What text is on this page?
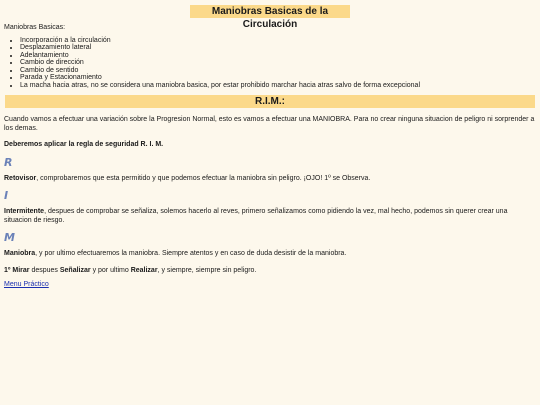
Maniobras Basicas de la Circulación

Maniobras Basicas:

• Incorporación a la circulación
• Desplazamiento lateral
• Adelantamiento
• Cambio de dirección
• Cambio de sentido
• Parada y Estacionamiento
• La macha hacia atras, no se considera una maniobra basica, por estar prohibido marchar hacia atras salvo de forma excepcional
R.I.M.:

Cuando vamos a efectuar una variación sobre la Progresion Normal, esto es vamos a efectuar una MANIOBRA. Para no crear ninguna situacion de peligro ni sorprender a los demas.

Deberemos aplicar la regla de seguridad R. I. M.

R

Retovisor, comprobaremos que esta permitido y que podemos efectuar la maniobra sin peligro. ¡OJO! 1º se Observa.

I

Intermitente, despues de comprobar se señaliza, solemos hacerlo al reves, primero señalizamos como pidiendo la vez, mal hecho, podemos sin querer crear una situacion de riesgo.

M

Maniobra, y por ultimo efectuaremos la maniobra. Siempre atentos y en caso de duda desistir de la maniobra.

1º Mirar despues Señalizar y por ultimo Realizar, y siempre, siempre sin peligro.

Menu Práctico
